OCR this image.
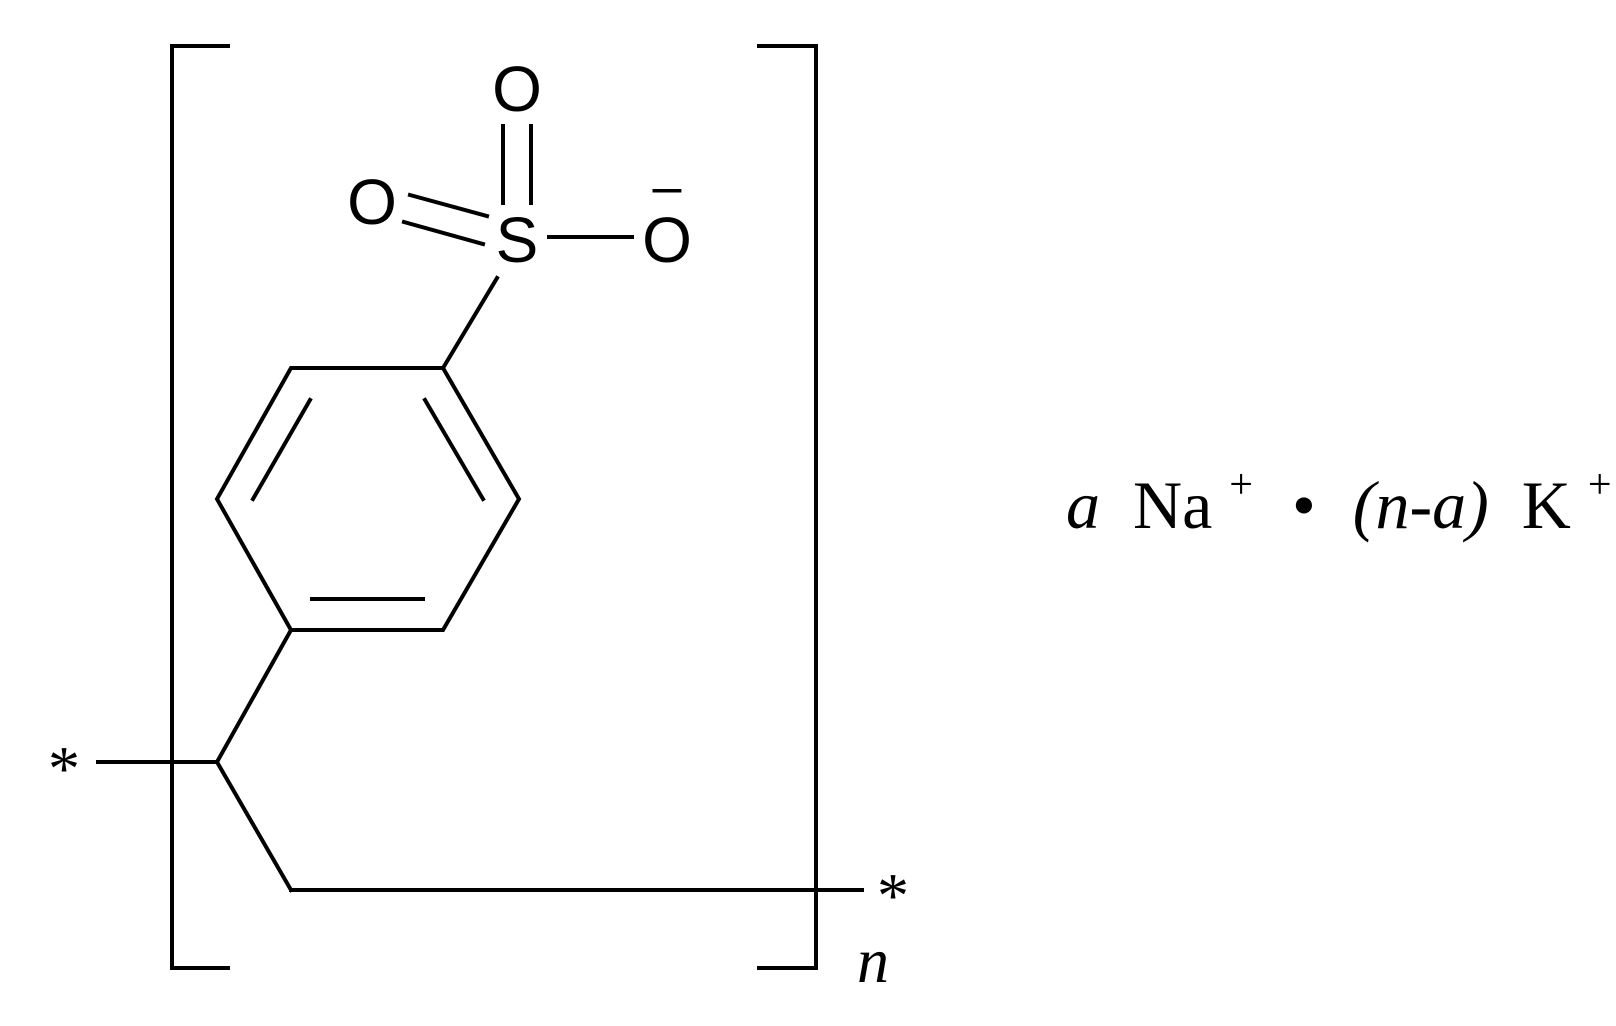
S
O
O
O
–
*
*
n
a Na + • (n-a) K +
